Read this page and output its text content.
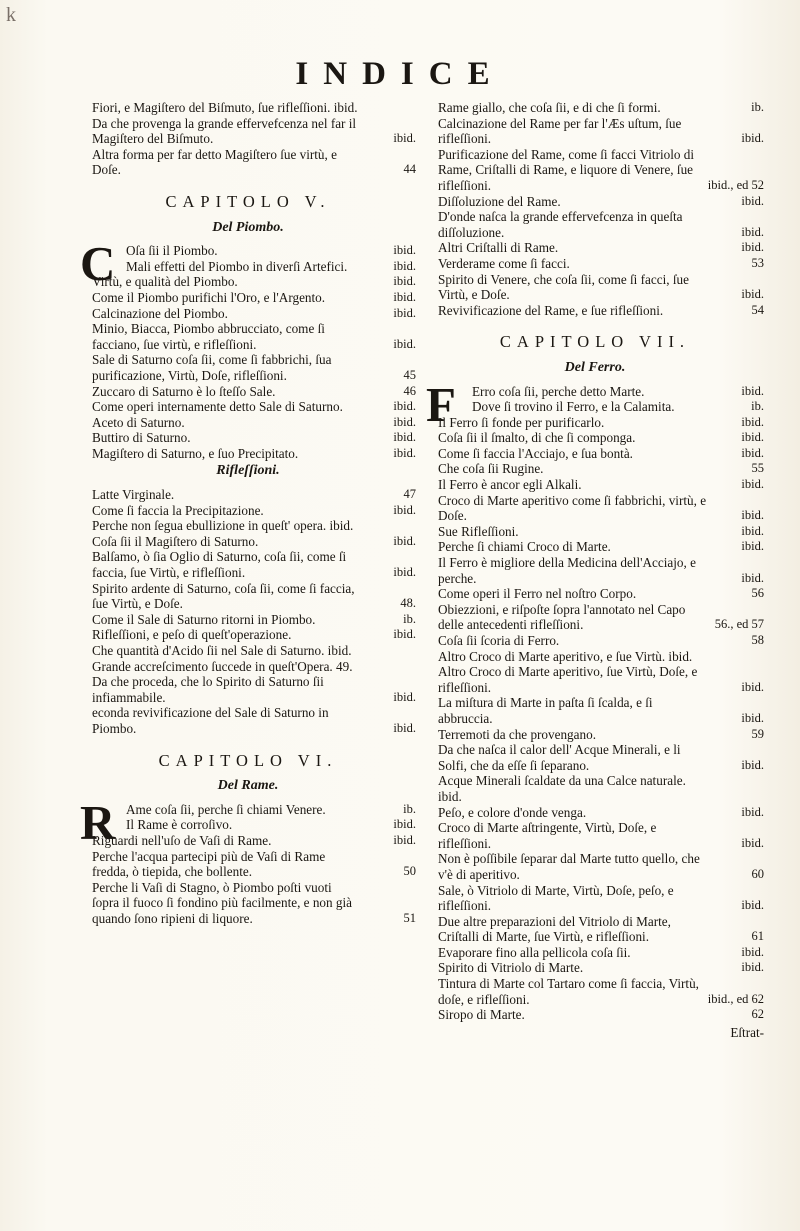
k
INDICE
Fiori, e Magiſtero del Biſmuto, ſue rifleſſioni. ibid.
Da che provenga la grande effervefcenza nel far il Magiſtero del Biſmuto.	ibid.
Altra forma per far detto Magiſtero ſue virtù, e Doſe.	44
CAPITOLO V.
Del Piombo.
C Oſa ſii il Piombo.	ibid.
Mali effetti del Piombo in diverſi Artefici.	ibid.
Virtù, e qualità del Piombo.	ibid.
Come il Piombo purifichi l'Oro, e l'Argento.	ibid.
Calcinazione del Piombo.	ibid.
Minio, Biacca, Piombo abbrucciato, come ſi facciano, ſue virtù, e rifleſſioni.	ibid.
Sale di Saturno coſa ſii, come ſi fabbrichi, ſua purificazione, Virtù, Doſe, rifleſſioni.	45
Zuccaro di Saturno è lo ſteſſo Sale.	46
Come operi internamente detto Sale di Saturno.	ibid.
Aceto di Saturno.	ibid.
Buttiro di Saturno.	ibid.
Magiſtero di Saturno, e ſuo Precipitato.	ibid.
Rifleſſioni.
Latte Virginale.	47
Come ſi faccia la Precipitazione.	ibid.
Perche non ſegua ebullizione in queſt' opera. ibid.
Coſa ſii il Magiſtero di Saturno.	ibid.
Balſamo, ò ſia Oglio di Saturno, coſa ſii, come ſi faccia, ſue Virtù, e rifleſſioni.	ibid.
Spirito ardente di Saturno, coſa ſii, come ſi faccia, ſue Virtù, e Doſe.	48.
Come il Sale di Saturno ritorni in Piombo.	ib.
Rifleſſioni, e peſo di queſt'operazione.	ibid.
Che quantità d'Acido ſii nel Sale di Saturno. ibid.
Grande accreſcimento ſuccede in queſt'Opera. 49.
Da che proceda, che lo Spirito di Saturno ſii infiammabile.	ibid.
econda revivificazione del Sale di Saturno in Piombo.	ibid.
CAPITOLO VI.
Del Rame.
R Ame coſa ſii, perche ſi chiami Venere.	ib.
Il Rame è corroſivo.	ibid.
Riguardi nell'uſo de Vaſi di Rame.	ibid.
Perche l'acqua partecipi più de Vaſi di Rame fredda, ò tiepida, che bollente.	50
Perche li Vaſi di Stagno, ò Piombo poſti vuoti ſopra il fuoco ſi fondino più facilmente, e non già quando ſono ripieni di liquore.	51
Rame giallo, che coſa ſii, e di che ſi formi.	ib.
Calcinazione del Rame per far l'Æs uſtum, ſue rifleſſioni.	ibid.
Purificazione del Rame, come ſi facci Vitriolo di Rame, Criſtalli di Rame, e liquore di Venere, ſue rifleſſioni.	ibid., ed 52
Diſſoluzione del Rame.	ibid.
D'onde naſca la grande effervefcenza in queſta diſſoluzione.	ibid.
Altri Criſtalli di Rame.	ibid.
Verderame come ſi facci.	53
Spirito di Venere, che coſa ſii, come ſi facci, ſue Virtù, e Doſe.	ibid.
Revivificazione del Rame, e ſue rifleſſioni.	54
CAPITOLO VII.
Del Ferro.
F Erro coſa ſii, perche detto Marte.	ibid.
Dove ſi trovino il Ferro, e la Calamita.	ib.
Il Ferro ſi fonde per purificarlo.	ibid.
Coſa ſii il ſmalto, di che ſi componga.	ibid.
Come ſi faccia l'Acciajo, e ſua bontà.	ibid.
Che coſa ſii Rugine.	55
Il Ferro è ancor egli Alkali.	ibid.
Croco di Marte aperitivo come ſi fabbrichi, virtù, e Doſe.	ibid.
Sue Rifleſſioni.	ibid.
Perche ſi chiami Croco di Marte.	ibid.
Il Ferro è migliore della Medicina dell'Acciajo, e perche.	ibid.
Come operi il Ferro nel noſtro Corpo.	56
Obiezzioni, e riſpoſte ſopra l'annotato nel Capo delle antecedenti rifleſſioni.	56., ed 57
Coſa ſii ſcoria di Ferro.	58
Altro Croco di Marte aperitivo, e ſue Virtù. ibid.
Altro Croco di Marte aperitivo, ſue Virtù, Doſe, e rifleſſioni.	ibid.
La miſtura di Marte in paſta ſi ſcalda, e ſi abbruccia.	ibid.
Terremoti da che provengano.	59
Da che naſca il calor dell' Acque Minerali, e li Solfi, che da eſſe ſi ſeparano.	ibid.
Acque Minerali ſcaldate da una Calce naturale. ibid.
Peſo, e colore d'onde venga.	ibid.
Croco di Marte aſtringente, Virtù, Doſe, e rifleſſioni.	ibid.
Non è poſſibile ſeparar dal Marte tutto quello, che v'è di aperitivo.	60
Sale, ò Vitriolo di Marte, Virtù, Doſe, peſo, e rifleſſioni.	ibid.
Due altre preparazioni del Vitriolo di Marte, Criſtalli di Marte, ſue Virtù, e rifleſſioni.	61
Evaporare fino alla pellicola coſa ſii.	ibid.
Spirito di Vitriolo di Marte.	ibid.
Tintura di Marte col Tartaro come ſi faccia, Virtù, doſe, e rifleſſioni.	ibid., ed 62
Siropo di Marte.	62
Eſtrat-
